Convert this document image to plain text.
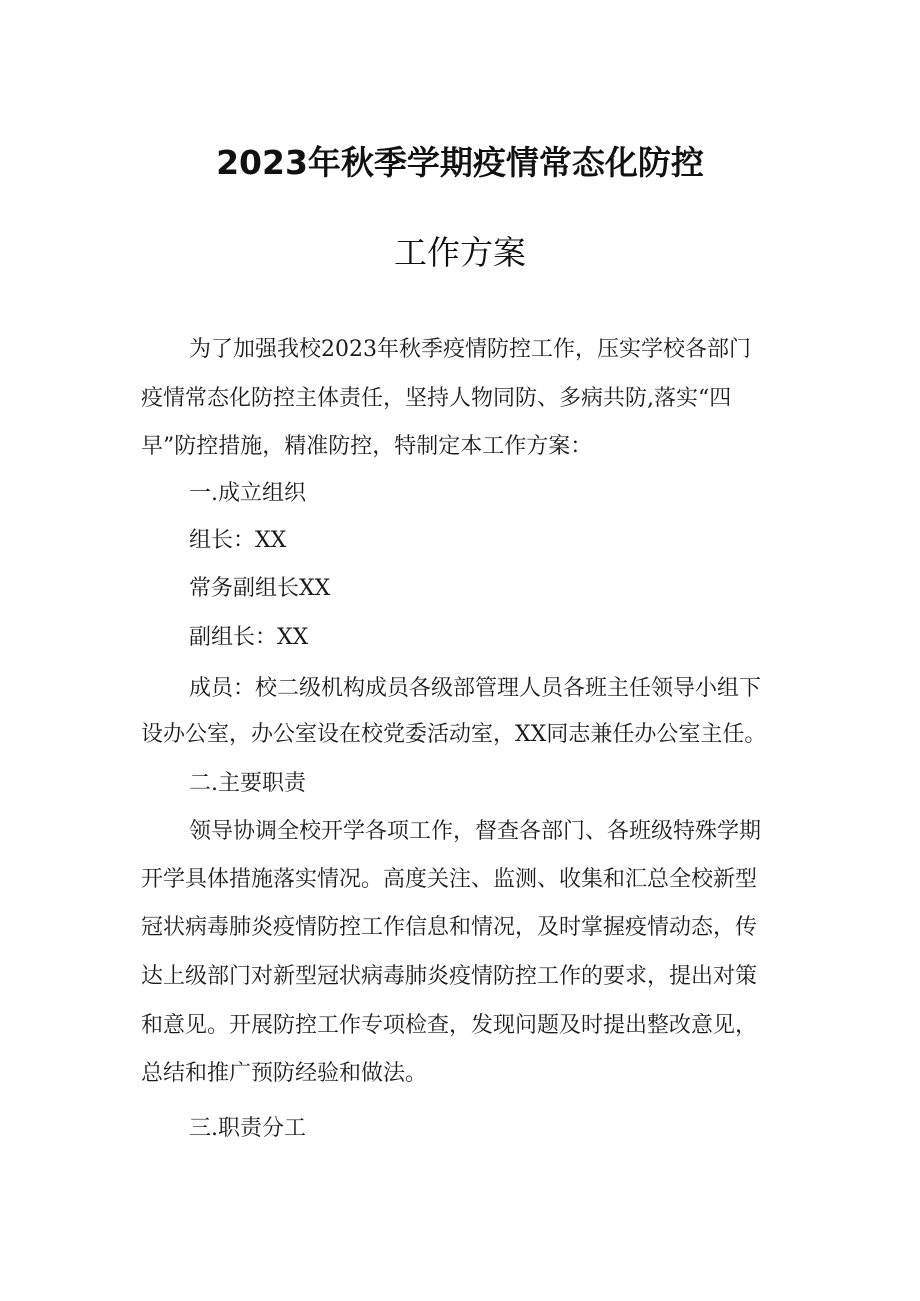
2023年秋季学期疫情常态化防控
工作方案
为了加强我校2023年秋季疫情防控工作，压实学校各部门
疫情常态化防控主体责任，坚持人物同防、多病共防,落实“四
早”防控措施，精准防控，特制定本工作方案：
一.成立组织
组长：XX
常务副组长XX
副组长：XX
成员：校二级机构成员各级部管理人员各班主任领导小组下
设办公室，办公室设在校党委活动室，XX同志兼任办公室主任。
二.主要职责
领导协调全校开学各项工作，督查各部门、各班级特殊学期
开学具体措施落实情况。高度关注、监测、收集和汇总全校新型
冠状病毒肺炎疫情防控工作信息和情况，及时掌握疫情动态，传
达上级部门对新型冠状病毒肺炎疫情防控工作的要求，提出对策
和意见。开展防控工作专项检查，发现问题及时提出整改意见，
总结和推广预防经验和做法。
三.职责分工
